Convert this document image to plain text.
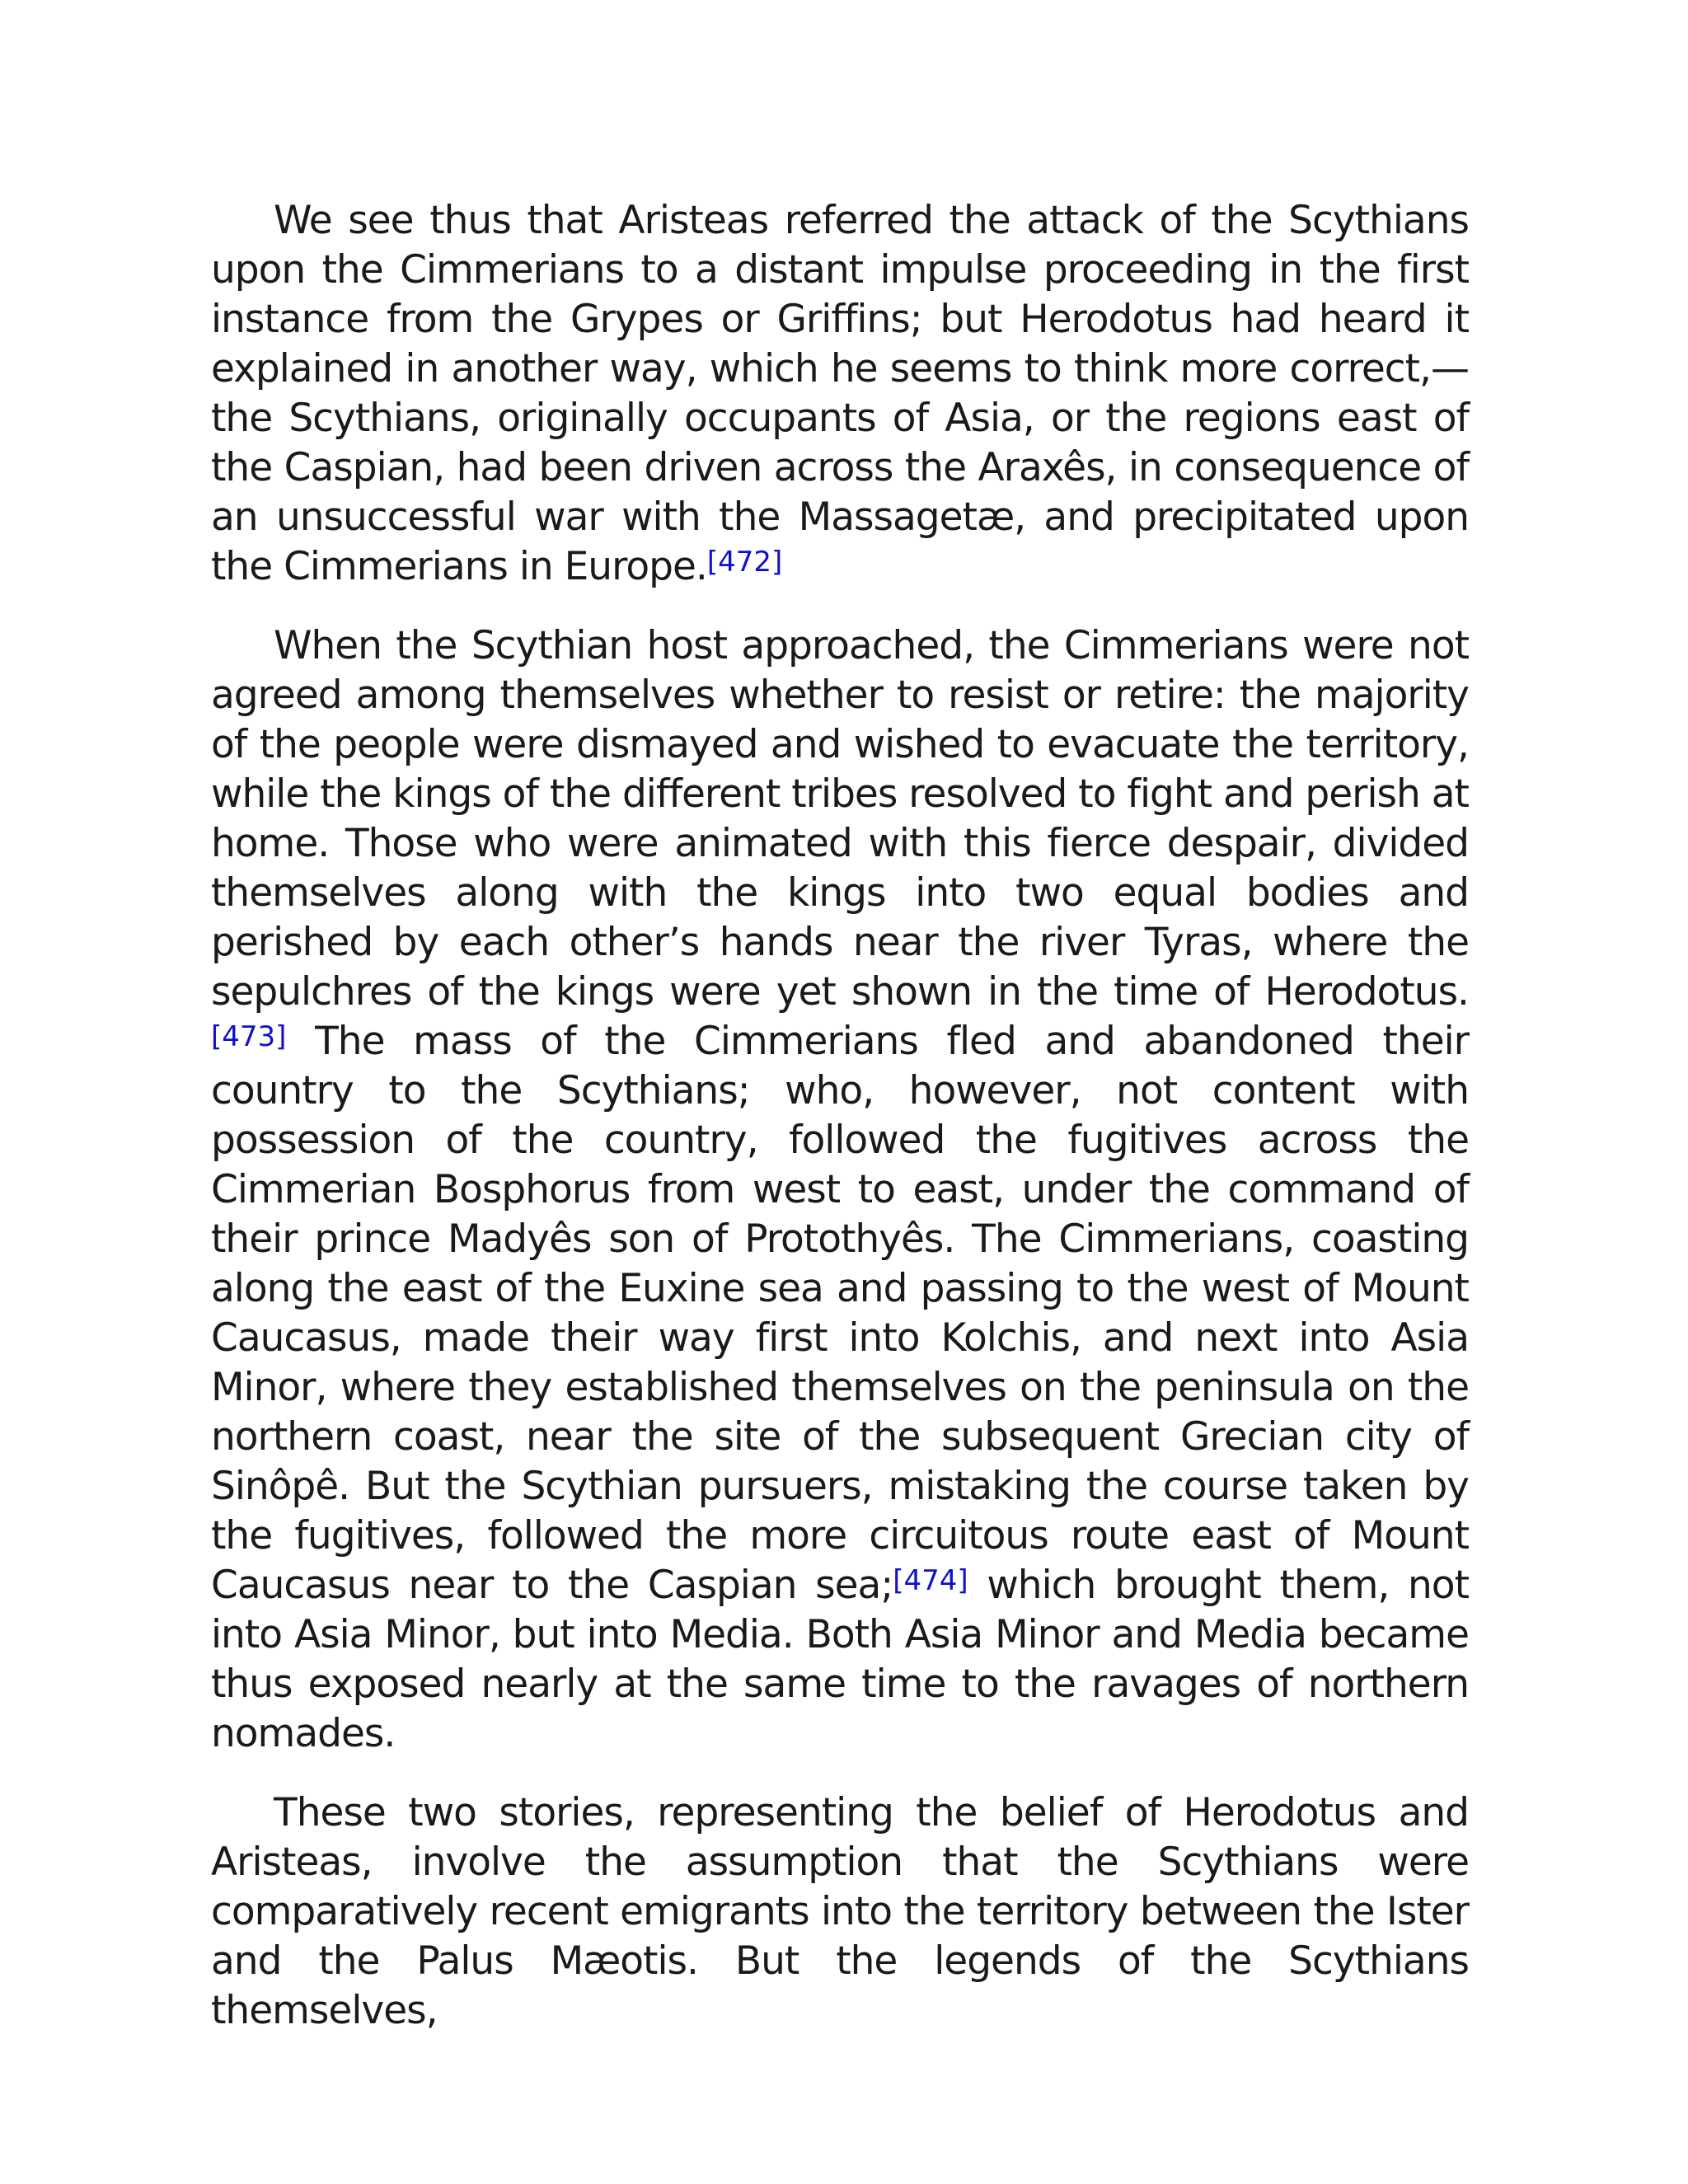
We see thus that Aristeas referred the attack of the Scythians upon the Cimmerians to a distant impulse proceeding in the first instance from the Grypes or Griffins; but Herodotus had heard it explained in another way, which he seems to think more correct,—the Scythians, originally occupants of Asia, or the regions east of the Caspian, had been driven across the Araxês, in consequence of an unsuccessful war with the Massagetæ, and precipitated upon the Cimmerians in Europe.[472]

When the Scythian host approached, the Cimmerians were not agreed among themselves whether to resist or retire: the majority of the people were dismayed and wished to evacuate the territory, while the kings of the different tribes resolved to fight and perish at home. Those who were animated with this fierce despair, divided themselves along with the kings into two equal bodies and perished by each other’s hands near the river Tyras, where the sepulchres of the kings were yet shown in the time of Herodotus.[473] The mass of the Cimmerians fled and abandoned their country to the Scythians; who, however, not content with possession of the country, followed the fugitives across the Cimmerian Bosphorus from west to east, under the command of their prince Madyês son of Protothyês. The Cimmerians, coasting along the east of the Euxine sea and passing to the west of Mount Caucasus, made their way first into Kolchis, and next into Asia Minor, where they established themselves on the peninsula on the northern coast, near the site of the subsequent Grecian city of Sinôpê. But the Scythian pursuers, mistaking the course taken by the fugitives, followed the more circuitous route east of Mount Caucasus near to the Caspian sea;[474] which brought them, not into Asia Minor, but into Media. Both Asia Minor and Media became thus exposed nearly at the same time to the ravages of northern nomades.

These two stories, representing the belief of Herodotus and Aristeas, involve the assumption that the Scythians were comparatively recent emigrants into the territory between the Ister and the Palus Mæotis. But the legends of the Scythians themselves,
